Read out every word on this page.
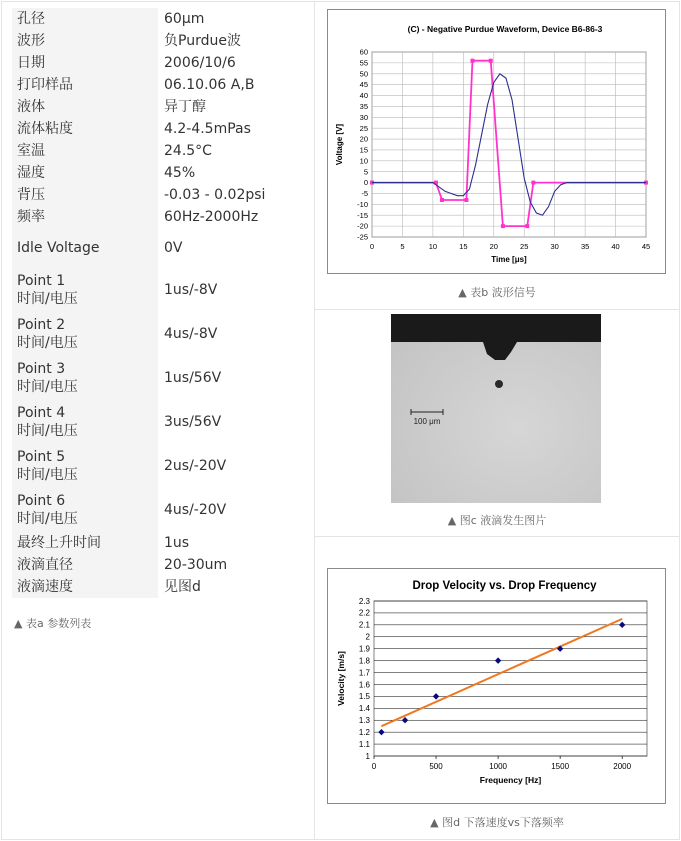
孔径	60μm

波形	负Purdue波

日期	2006/10/6

打印样品	06.10.06 A,B

液体	异丁醇

流体粘度	4.2-4.5mPas

室温	24.5°C

湿度	45%

背压	-0.03 - 0.02psi

频率	60Hz-2000Hz

Idle Voltage	0V

Point 1
时间/电压	1us/-8V

Point 2
时间/电压	4us/-8V

Point 3
时间/电压	1us/56V

Point 4
时间/电压	3us/56V

Point 5
时间/电压	2us/-20V

Point 6
时间/电压	4us/-20V

最终上升时间	1us

液滴直径	20-30um

液滴速度	见图d
▲ 表a 参数列表
0	5	10	15	20	25	30	35	40	45
60
55
50
45
40
35
30
25
20
15
10
5
0
-5
-10
-15
-20
-25
(C) - Negative Purdue Waveform, Device B6-86-3
Time [μs]
Voltage [V]
▲ 表b 波形信号
100 μm
▲ 图c 液滴发生图片
2.3
2.2
2.1
2
1.9
1.8
1.7
1.6
1.5
1.4
1.3
1.2
1.1
1
0	500	1000	1500	2000
Drop Velocity vs. Drop Frequency
Frequency [Hz]
Velocity [m/s]
▲ 图d 下落速度vs下落频率
